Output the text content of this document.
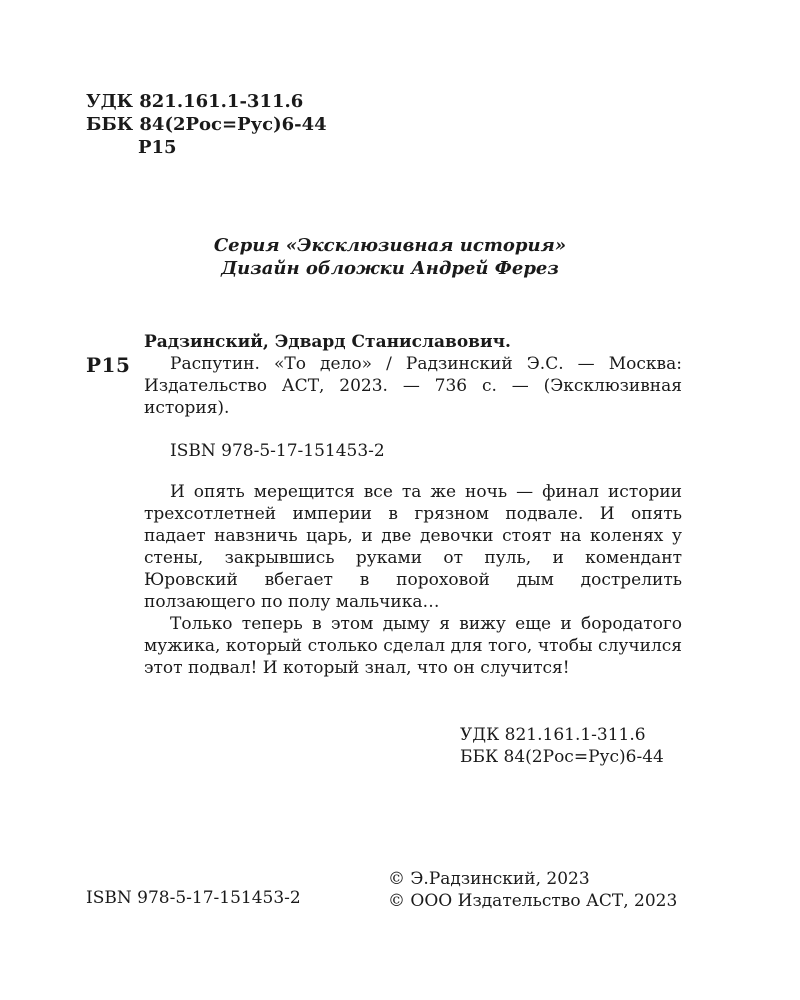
УДК 821.161.1-311.6
ББК 84(2Рос=Рус)6-44
Р15
Серия «Эксклюзивная история»
Дизайн обложки Андрей Ферез
Р15

Радзинский, Эдвард Станиславович.

Распутин. «То дело» / Радзинский Э.С. — Москва: Издательство АСТ, 2023. — 736 с. — (Эксклюзивная история).

ISBN 978-5-17-151453-2

И опять мерещится все та же ночь — финал истории трехсотлетней империи в грязном подвале. И опять падает навзничь царь, и две девочки стоят на коленях у стены, закрывшись руками от пуль, и комендант Юровский вбегает в пороховой дым дострелить ползающего по полу мальчика…

Только теперь в этом дыму я вижу еще и бородатого мужика, который столько сделал для того, чтобы случился этот подвал! И который знал, что он случится!

УДК 821.161.1-311.6
ББК 84(2Рос=Рус)6-44
© Э.Радзинский, 2023
© ООО Издательство АСТ, 2023
ISBN 978-5-17-151453-2
